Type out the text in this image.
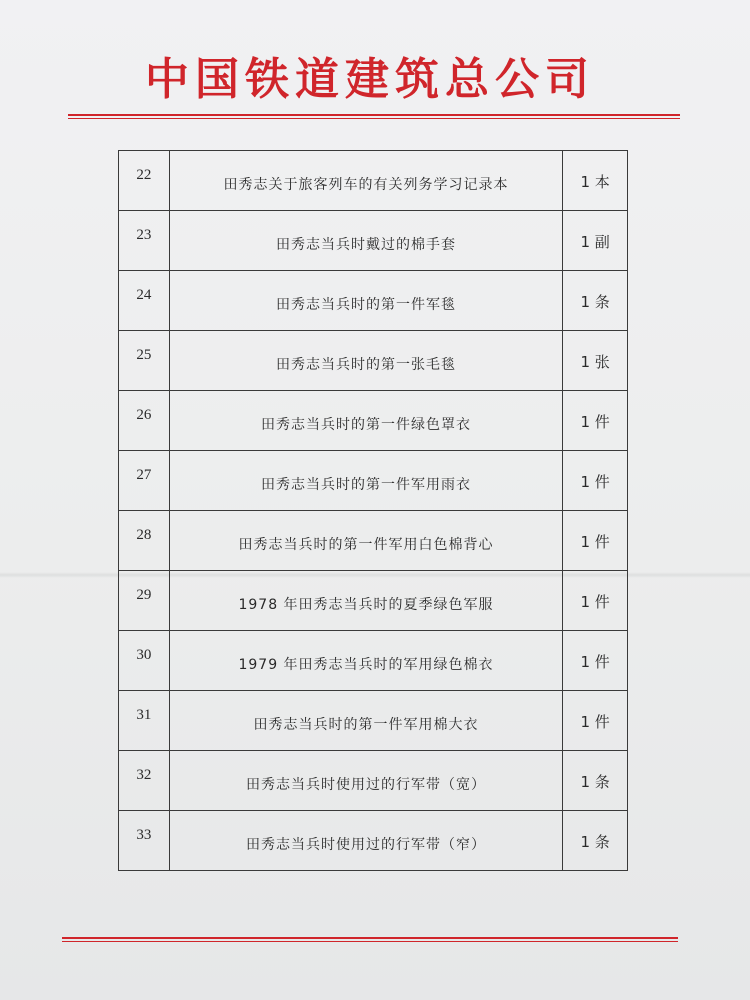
中国铁道建筑总公司
22	田秀志关于旅客列车的有关列务学习记录本	1 本
23	田秀志当兵时戴过的棉手套	1 副
24	田秀志当兵时的第一件军毯	1 条
25	田秀志当兵时的第一张毛毯	1 张
26	田秀志当兵时的第一件绿色罩衣	1 件
27	田秀志当兵时的第一件军用雨衣	1 件
28	田秀志当兵时的第一件军用白色棉背心	1 件
29	1978 年田秀志当兵时的夏季绿色军服	1 件
30	1979 年田秀志当兵时的军用绿色棉衣	1 件
31	田秀志当兵时的第一件军用棉大衣	1 件
32	田秀志当兵时使用过的行军带（宽）	1 条
33	田秀志当兵时使用过的行军带（窄）	1 条
